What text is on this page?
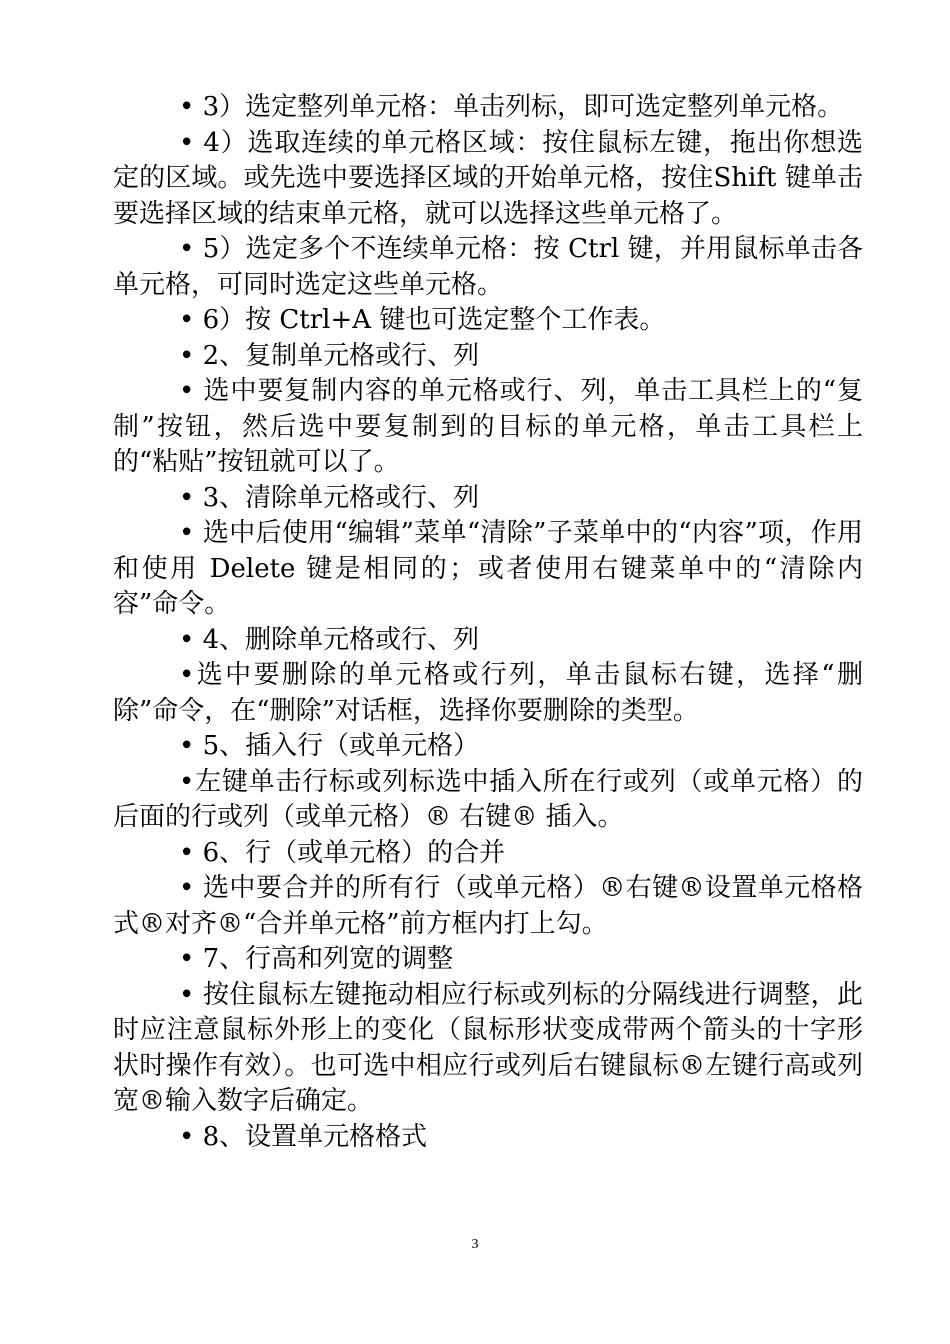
• 3）选定整列单元格：单击列标，即可选定整列单元格。

• 4）选取连续的单元格区域：按住鼠标左键，拖出你想选定的区域。或先选中要选择区域的开始单元格，按住Shift 键单击要选择区域的结束单元格，就可以选择这些单元格了。

• 5）选定多个不连续单元格：按 Ctrl 键，并用鼠标单击各单元格，可同时选定这些单元格。

• 6）按 Ctrl+A 键也可选定整个工作表。

• 2、复制单元格或行、列

• 选中要复制内容的单元格或行、列，单击工具栏上的“复制”按钮，然后选中要复制到的目标的单元格，单击工具栏上的“粘贴”按钮就可以了。

• 3、清除单元格或行、列

• 选中后使用“编辑”菜单“清除”子菜单中的“内容”项，作用和使用 Delete 键是相同的；或者使用右键菜单中的“清除内容”命令。

• 4、删除单元格或行、列

•选中要删除的单元格或行列，单击鼠标右键，选择“删除”命令，在“删除”对话框，选择你要删除的类型。

• 5、插入行（或单元格）

•左键单击行标或列标选中插入所在行或列（或单元格）的后面的行或列（或单元格）® 右键® 插入。

• 6、行（或单元格）的合并

• 选中要合并的所有行（或单元格）®右键®设置单元格格式®对齐®“合并单元格”前方框内打上勾。

• 7、行高和列宽的调整

• 按住鼠标左键拖动相应行标或列标的分隔线进行调整，此时应注意鼠标外形上的变化（鼠标形状变成带两个箭头的十字形状时操作有效）。也可选中相应行或列后右键鼠标®左键行高或列宽®输入数字后确定。

• 8、设置单元格格式

3
